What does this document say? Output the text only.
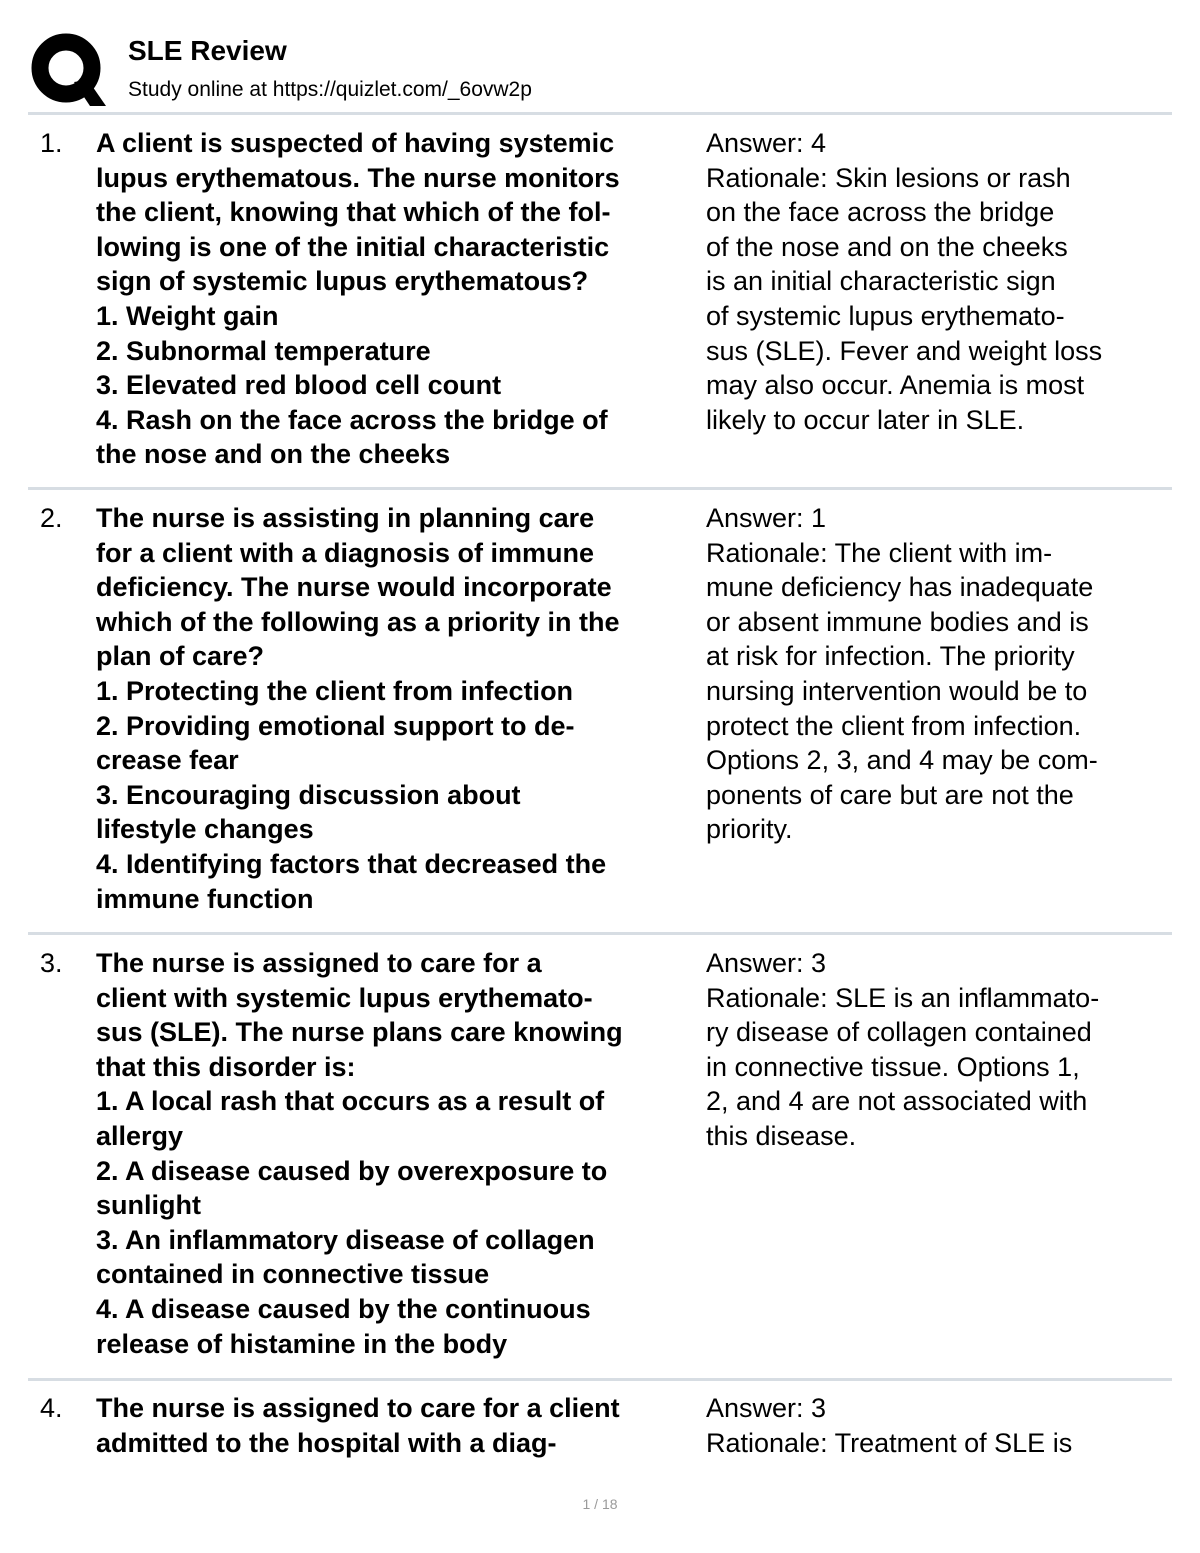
SLE Review
Study online at https://quizlet.com/_6ovw2p
1. A client is suspected of having systemic
lupus erythematous. The nurse monitors
the client, knowing that which of the fol-
lowing is one of the initial characteristic
sign of systemic lupus erythematous?
1. Weight gain
2. Subnormal temperature
3. Elevated red blood cell count
4. Rash on the face across the bridge of
the nose and on the cheeks
Answer: 4
Rationale: Skin lesions or rash
on the face across the bridge
of the nose and on the cheeks
is an initial characteristic sign
of systemic lupus erythemato-
sus (SLE). Fever and weight loss
may also occur. Anemia is most
likely to occur later in SLE.
2. The nurse is assisting in planning care
for a client with a diagnosis of immune
deficiency. The nurse would incorporate
which of the following as a priority in the
plan of care?
1. Protecting the client from infection
2. Providing emotional support to de-
crease fear
3. Encouraging discussion about
lifestyle changes
4. Identifying factors that decreased the
immune function
Answer: 1
Rationale: The client with im-
mune deficiency has inadequate
or absent immune bodies and is
at risk for infection. The priority
nursing intervention would be to
protect the client from infection.
Options 2, 3, and 4 may be com-
ponents of care but are not the
priority.
3. The nurse is assigned to care for a
client with systemic lupus erythemato-
sus (SLE). The nurse plans care knowing
that this disorder is:
1. A local rash that occurs as a result of
allergy
2. A disease caused by overexposure to
sunlight
3. An inflammatory disease of collagen
contained in connective tissue
4. A disease caused by the continuous
release of histamine in the body
Answer: 3
Rationale: SLE is an inflammato-
ry disease of collagen contained
in connective tissue. Options 1,
2, and 4 are not associated with
this disease.
4. The nurse is assigned to care for a client
admitted to the hospital with a diag-
Answer: 3
Rationale: Treatment of SLE is
1 / 18
